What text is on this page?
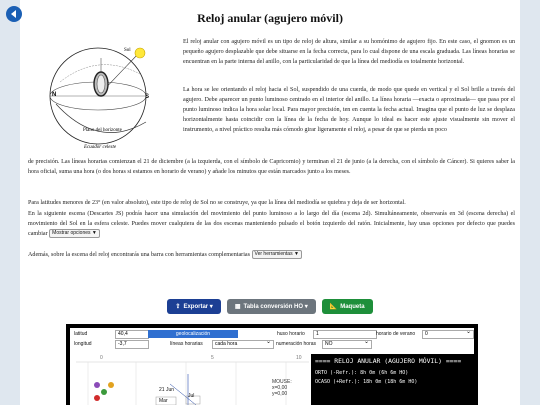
Reloj anular (agujero móvil)
Sol
N	S
Plano del horizonte
Ecuador celeste
El reloj anular con agujero móvil es un tipo de reloj de altura, similar a su homónimo de agujero fijo. En este caso, el gnomon es un pequeño agujero desplazable que debe situarse en la fecha correcta, para lo cual dispone de una escala graduada. Las líneas horarias se encuentran en la parte interna del anillo, con la particularidad de que la línea del mediodía es totalmente horizontal.
La hora se lee orientando el reloj hacia el Sol, suspendido de una cuerda, de modo que quede en vertical y el Sol brille a través del agujero. Debe aparecer un punto luminoso centrado en el interior del anillo. La línea horaria —exacta o aproximada— que pasa por el punto luminoso indica la hora solar local. Para mayor precisión, ten en cuenta la fecha actual. Imagina que el punto de luz se desplaza horizontalmente hasta coincidir con la línea de la fecha de hoy. Aunque lo ideal es hacer este ajuste visualmente sin mover el instrumento, a nivel práctico resulta más cómodo girar ligeramente el reloj, a pesar de que se pierda un poco
de precisión. Las líneas horarias comienzan el 21 de diciembre (a la izquierda, con el símbolo de Capricornio) y terminan el 21 de junio (a la derecha, con el símbolo de Cáncer). Si quieres saber la hora oficial, suma una hora (o dos horas si estamos en horario de verano) y añade los minutos que están marcados junto a los meses.
Para latitudes menores de 23° (en valor absoluto), este tipo de reloj de Sol no se construye, ya que la línea del mediodía se quiebra y deja de ser horizontal.
En la siguiente escena (Descartes JS) podrás hacer una simulación del movimiento del punto luminoso a lo largo del día (escena 2d). Simultáneamente, observarás en 3d (escena derecha) el movimiento del Sol en la esfera celeste. Puedes mover cualquiera de las dos escenas manteniendo pulsado el botón izquierdo del ratón. Inicialmente, hay unas opciones por defecto que puedes cambiar Mostrar opciones ▼
Además, sobre la escena del reloj encontrarás una barra con herramientas complementarias Ver herramientas ▼
⇪ Exportar ▾	▦ Tabla conversión HO ▾	📐 Maqueta
latitud	40,4
longitud	-3,7
geolocalización
líneas horarias	cada hora ⌄
huso horario	1
numeración horas	NO ⌄
horario de verano	0 ⌄
0	5	10
21 Jun
Jul
Mar
MOUSE:
x=0,00
y=0,00
==== RELOJ ANULAR (AGUJERO MÓVIL) ====
ORTO (-Refr.): 8h 0m (6h 6m HO)
OCASO (+Refr.): 18h 0m (18h 6m HO)
